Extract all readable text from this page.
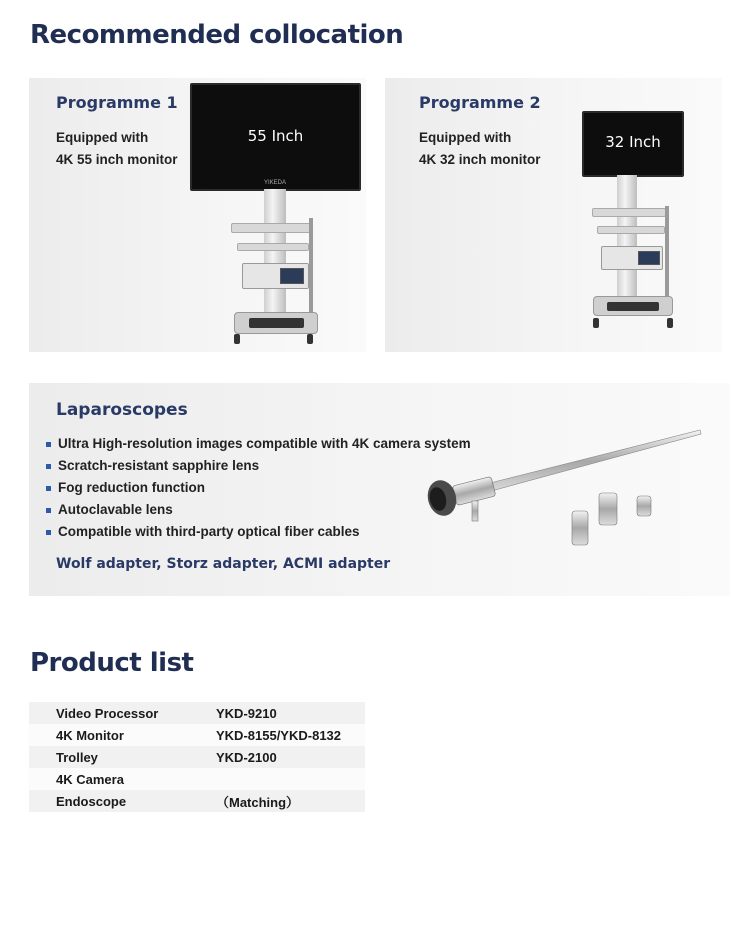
Recommended collocation
Programme 1
Equipped with
4K 55 inch monitor
55 Inch
YIKEDA
Programme 2
Equipped with
4K 32 inch monitor
32 Inch
Laparoscopes
Ultra High-resolution images compatible with 4K camera system
Scratch-resistant sapphire lens
Fog reduction function
Autoclavable lens
Compatible with third-party optical fiber cables
Wolf adapter, Storz adapter, ACMI adapter
Product list
Video Processor	YKD-9210
4K Monitor	YKD-8155/YKD-8132
Trolley	YKD-2100
4K Camera	
Endoscope	（Matching）
